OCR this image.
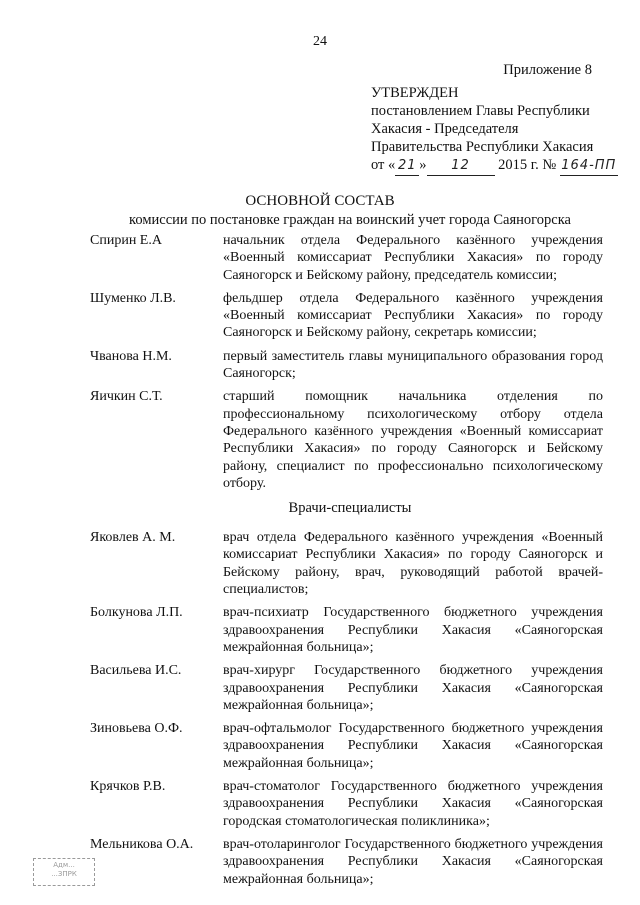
24
Приложение 8
УТВЕРЖДЕН
постановлением Главы Республики
Хакасия - Председателя
Правительства Республики Хакасия
от « 21 » 12 2015 г. № 164-ПП
ОСНОВНОЙ СОСТАВ
комиссии по постановке граждан на воинский учет города Саяногорска
Спирин Е.А	начальник отдела Федерального казённого учреждения «Военный комиссариат Республики Хакасия» по городу Саяногорск и Бейскому району, председатель комиссии;
Шуменко Л.В.	фельдшер отдела Федерального казённого учреждения «Военный комиссариат Республики Хакасия» по городу Саяногорск и Бейскому району, секретарь комиссии;
Чванова Н.М.	первый заместитель главы муниципального образования город Саяногорск;
Яичкин С.Т.	старший помощник начальника отделения по профессиональному психологическому отбору отдела Федерального казённого учреждения «Военный комиссариат Республики Хакасия» по городу Саяногорск и Бейскому району, специалист по профессионально психологическому отбору.
Врачи-специалисты
Яковлев А. М.	врач отдела Федерального казённого учреждения «Военный комиссариат Республики Хакасия» по городу Саяногорск и Бейскому району, врач, руководящий работой врачей-специалистов;
Болкунова Л.П.	врач-психиатр Государственного бюджетного учреждения здравоохранения Республики Хакасия «Саяногорская межрайонная больница»;
Васильева И.С.	врач-хирург Государственного бюджетного учреждения здравоохранения Республики Хакасия «Саяногорская межрайонная больница»;
Зиновьева О.Ф.	врач-офтальмолог Государственного бюджетного учреждения здравоохранения Республики Хакасия «Саяногорская межрайонная больница»;
Крячков Р.В.	врач-стоматолог Государственного бюджетного учреждения здравоохранения Республики Хакасия «Саяногорская городская стоматологическая поликлиника»;
Мельникова О.А. врач-отоларинголог Государственного бюджетного учреждения здравоохранения Республики Хакасия «Саяногорская межрайонная больница»;
Адм...
...ЗПРК
